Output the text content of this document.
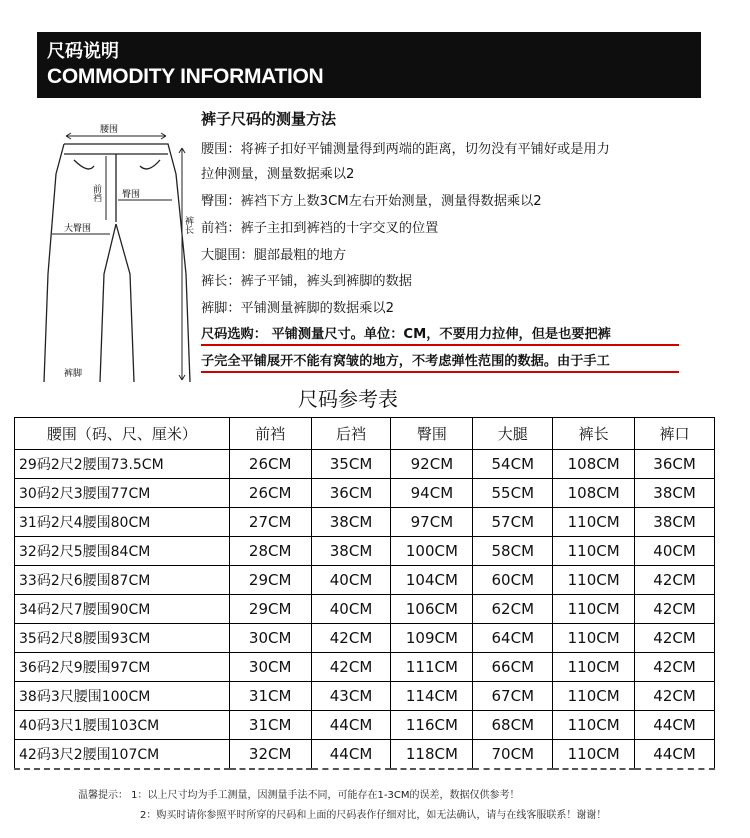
尺码说明
COMMODITY INFORMATION
腰围
臀围
大臀围
裤脚
前裆
裤长
裤子尺码的测量方法
腰围：将裤子扣好平铺测量得到两端的距离，切勿没有平铺好或是用力
拉伸测量，测量数据乘以2
臀围：裤裆下方上数3CM左右开始测量，测量得数据乘以2
前裆：裤子主扣到裤裆的十字交叉的位置
大腿围：腿部最粗的地方
裤长：裤子平铺，裤头到裤脚的数据
裤脚：平铺测量裤脚的数据乘以2
尺码选购： 平铺测量尺寸。单位：CM，不要用力拉伸，但是也要把裤
子完全平铺展开不能有窝皱的地方，不考虑弹性范围的数据。由于手工
尺码参考表
腰围（码、尺、厘米）	前裆	后裆	臀围	大腿	裤长	裤口
29码2尺2腰围73.5CM	26CM	35CM	92CM	54CM	108CM	36CM
30码2尺3腰围77CM	26CM	36CM	94CM	55CM	108CM	38CM
31码2尺4腰围80CM	27CM	38CM	97CM	57CM	110CM	38CM
32码2尺5腰围84CM	28CM	38CM	100CM	58CM	110CM	40CM
33码2尺6腰围87CM	29CM	40CM	104CM	60CM	110CM	42CM
34码2尺7腰围90CM	29CM	40CM	106CM	62CM	110CM	42CM
35码2尺8腰围93CM	30CM	42CM	109CM	64CM	110CM	42CM
36码2尺9腰围97CM	30CM	42CM	111CM	66CM	110CM	42CM
38码3尺腰围100CM	31CM	43CM	114CM	67CM	110CM	42CM
40码3尺1腰围103CM	31CM	44CM	116CM	68CM	110CM	44CM
42码3尺2腰围107CM	32CM	44CM	118CM	70CM	110CM	44CM
温馨提示： 1：以上尺寸均为手工测量，因测量手法不同，可能存在1-3CM的误差，数据仅供参考！
2：购买时请你参照平时所穿的尺码和上面的尺码表作仔细对比，如无法确认，请与在线客服联系！谢谢！
